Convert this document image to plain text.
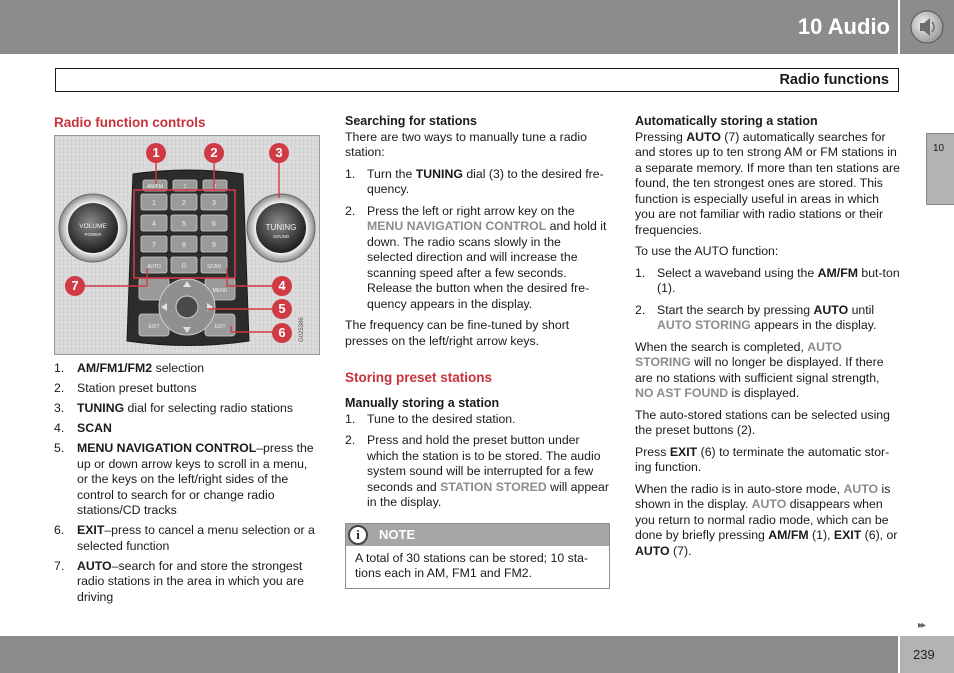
10 Audio
Radio functions
10
Radio function controls
AM/FM	1	2
1	2	3
4	5	6
7	8	9
AUTO	0	SCAN
MENU
EXIT	EXIT
VOLUME
POWER
TUNING
SOUND
G025386
1	2	3
7	4
5
6
1. AM/FM1/FM2 selection
2. Station preset buttons
3. TUNING dial for selecting radio stations
4. SCAN
5. MENU NAVIGATION CONTROL–press the up or down arrow keys to scroll in a menu, or the keys on the left/right sides of the control to search for or change radio stations/CD tracks
6. EXIT–press to cancel a menu selection or a selected function
7. AUTO–search for and store the strongest radio stations in the area in which you are driving
Searching for stations

There are two ways to manually tune a radio station:

1. Turn the TUNING dial (3) to the desired fre-quency.
2. Press the left or right arrow key on the MENU NAVIGATION CONTROL and hold it down. The radio scans slowly in the selected direction and will increase the scanning speed after a few seconds. Release the button when the desired fre-quency appears in the display.

The frequency can be fine-tuned by short presses on the left/right arrow keys.

Storing preset stations
Manually storing a station
1. Tune to the desired station.
2. Press and hold the preset button under which the station is to be stored. The audio system sound will be interrupted for a few seconds and STATION STORED will appear in the display.
i	NOTE
A total of 30 stations can be stored; 10 sta-tions each in AM, FM1 and FM2.
Automatically storing a station

Pressing AUTO (7) automatically searches for and stores up to ten strong AM or FM stations in a separate memory. If more than ten stations are found, the ten strongest ones are stored. This function is especially useful in areas in which you are not familiar with radio stations or their frequencies.

To use the AUTO function:

1. Select a waveband using the AM/FM but-ton (1).
2. Start the search by pressing AUTO until AUTO STORING appears in the display.

When the search is completed, AUTO STORING will no longer be displayed. If there are no stations with sufficient signal strength, NO AST FOUND is displayed.

The auto-stored stations can be selected using the preset buttons (2).

Press EXIT (6) to terminate the automatic stor-ing function.

When the radio is in auto-store mode, AUTO is shown in the display. AUTO disappears when you return to normal radio mode, which can be done by briefly pressing AM/FM (1), EXIT (6), or AUTO (7).

▸▸
239
